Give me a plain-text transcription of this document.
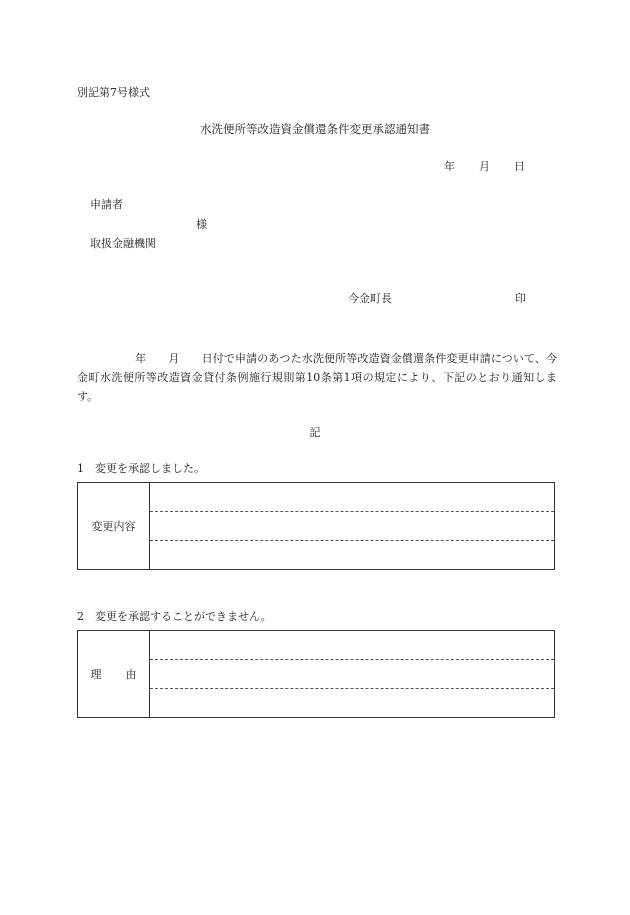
別記第7号様式
水洗便所等改造資金償還条件変更承認通知書
年 月 日
申請者
様
取扱金融機関
今金町長	印
年 月 日付で申請のあつた水洗便所等改造資金償還条件変更申請について、今金町水洗便所等改造資金貸付条例施行規則第10条第1項の規定により、下記のとおり通知します。
記
1　変更を承認しました。
変更内容
2　変更を承認することができません。
理 由
